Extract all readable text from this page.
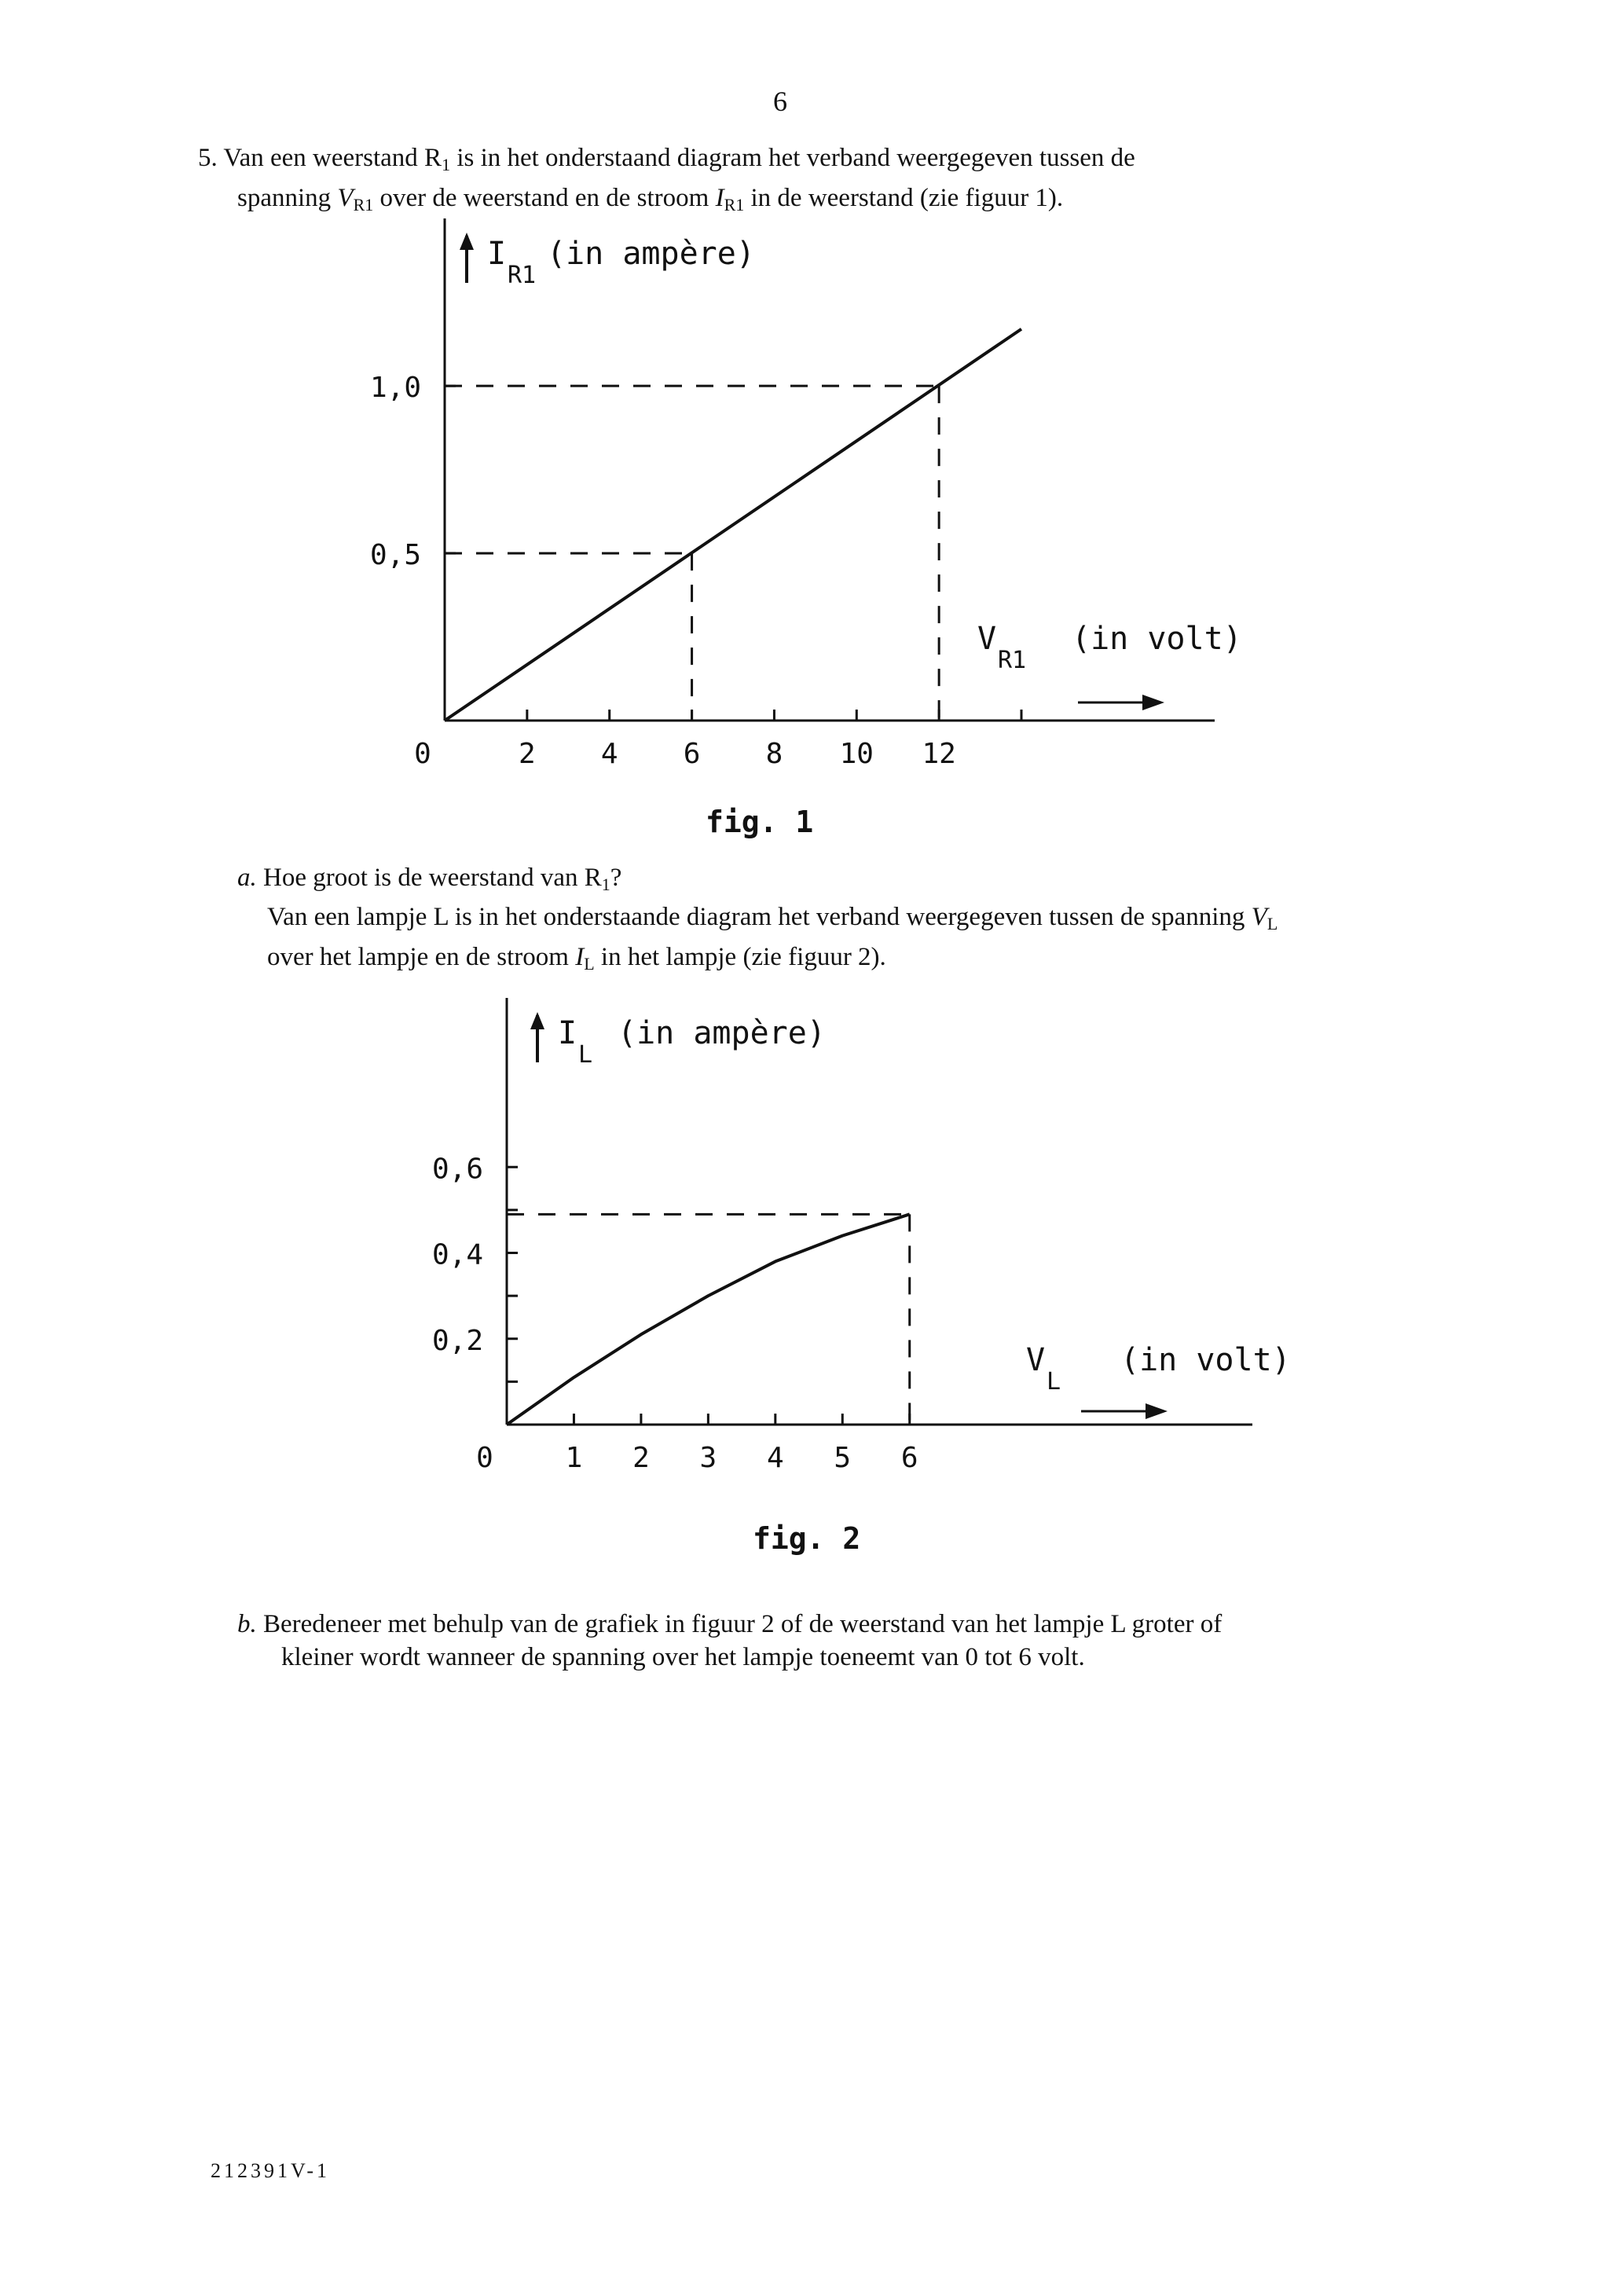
6
5. Van een weerstand $R_1$ is in het onderstaand diagram het verband weergegeven tussen de
spanning $V_{R1}$ over de weerstand en de stroom $I_{R1}$ in de weerstand (zie figuur 1).
I
R1
(in ampère)
2 4 6 8 10 12
0
0,5
1,0
V
R1
(in volt)
I
L
(in ampère)
1 2 3 4 5 6
0
0,2
0,4
0,6
V
L
(in volt)
fig. 1
a. Hoe groot is de weerstand van $R_1$?
Van een lampje L is in het onderstaande diagram het verband weergegeven tussen de spanning $V_L$
over het lampje en de stroom $I_L$ in het lampje (zie figuur 2).
fig. 2
b. Beredeneer met behulp van de grafiek in figuur 2 of de weerstand van het lampje L groter of
kleiner wordt wanneer de spanning over het lampje toeneemt van 0 tot 6 volt.
212391V-1
